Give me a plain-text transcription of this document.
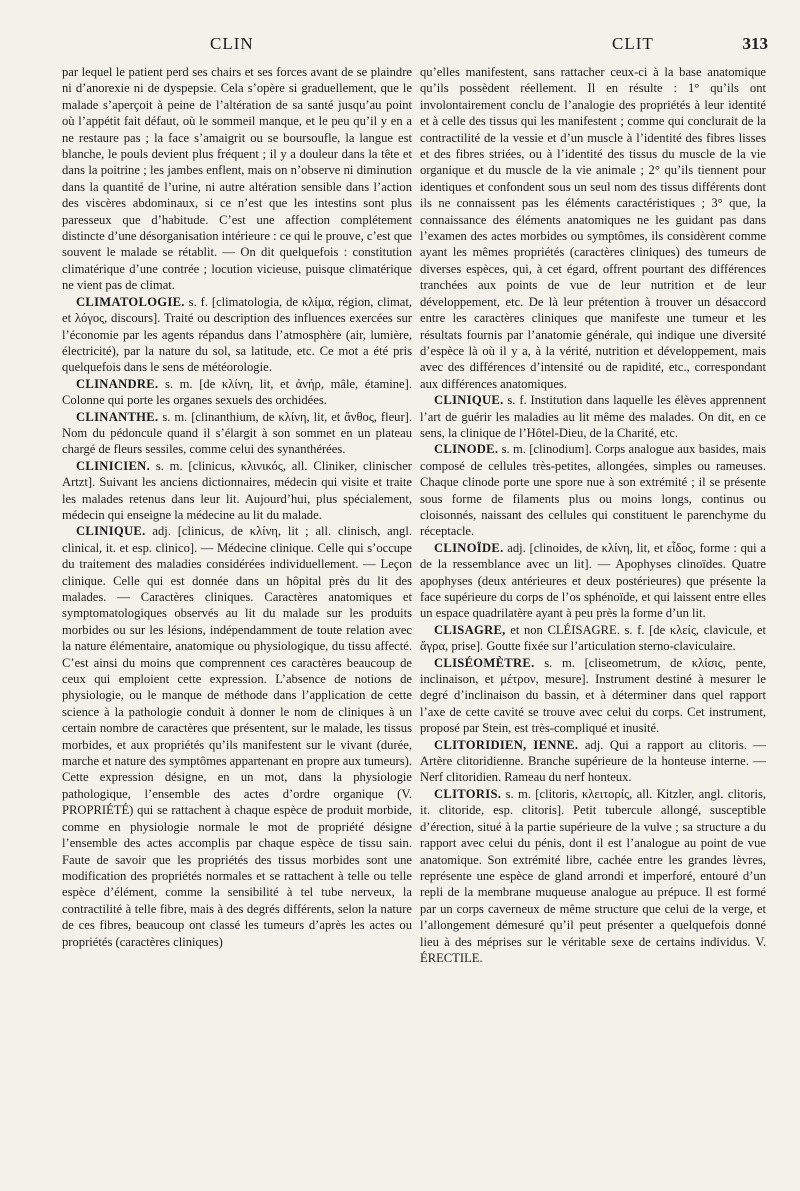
CLIN	CLIT	313

par lequel le patient perd ses chairs et ses forces avant de se plaindre ni d’anorexie ni de dyspepsie. Cela s’opère si graduellement, que le malade s’aperçoit à peine de l’altération de sa santé jusqu’au point où l’appétit fait défaut, où le sommeil manque, et le peu qu’il y en a ne restaure pas ; la face s’amaigrit ou se boursoufle, la langue est blanche, le pouls devient plus fréquent ; il y a douleur dans la tête et dans la poitrine ; les jambes enflent, mais on n’observe ni diminution dans la quantité de l’urine, ni autre altération sensible dans l’action des viscères abdominaux, si ce n’est que les intestins sont plus paresseux que d’habitude. C’est une affection complétement distincte d’une désorganisation intérieure : ce qui le prouve, c’est que souvent le malade se rétablit. — On dit quelquefois : constitution climatérique d’une contrée ; locution vicieuse, puisque climatérique ne vient pas de climat.

CLIMATOLOGIE. s. f. [climatologia, de κλίμα, région, climat, et λόγος, discours]. Traité ou description des influences exercées sur l’économie par les agents répandus dans l’atmosphère (air, lumière, électricité), par la nature du sol, sa latitude, etc. Ce mot a été pris quelquefois dans le sens de météorologie.

CLINANDRE. s. m. [de κλίνη, lit, et ἀνήρ, mâle, étamine]. Colonne qui porte les organes sexuels des orchidées.

CLINANTHE. s. m. [clinanthium, de κλίνη, lit, et ἄνθος, fleur]. Nom du pédoncule quand il s’élargit à son sommet en un plateau chargé de fleurs sessiles, comme celui des synanthérées.

CLINICIEN. s. m. [clinicus, κλινικός, all. Cliniker, clinischer Artzt]. Suivant les anciens dictionnaires, médecin qui visite et traite les malades retenus dans leur lit. Aujourd’hui, plus spécialement, médecin qui enseigne la médecine au lit du malade.

CLINIQUE. adj. [clinicus, de κλίνη, lit ; all. clinisch, angl. clinical, it. et esp. clinico]. — Médecine clinique. Celle qui s’occupe du traitement des maladies considérées individuellement. — Leçon clinique. Celle qui est donnée dans un hôpital près du lit des malades. — Caractères cliniques. Caractères anatomiques et symptomatologiques observés au lit du malade sur les produits morbides ou sur les lésions, indépendamment de toute relation avec la nature élémentaire, anatomique ou physiologique, du tissu affecté. C’est ainsi du moins que comprennent ces caractères beaucoup de ceux qui emploient cette expression. L’absence de notions de physiologie, ou le manque de méthode dans l’application de cette science à la pathologie conduit à donner le nom de cliniques à un certain nombre de caractères que présentent, sur le malade, les tissus morbides, et aux propriétés qu’ils manifestent sur le vivant (durée, marche et nature des symptômes appartenant en propre aux tumeurs). Cette expression désigne, en un mot, dans la physiologie pathologique, l’ensemble des actes d’ordre organique (V. PROPRIÉTÉ) qui se rattachent à chaque espèce de produit morbide, comme en physiologie normale le mot de propriété désigne l’ensemble des actes accomplis par chaque espèce de tissu sain. Faute de savoir que les propriétés des tissus morbides sont une modification des propriétés normales et se rattachent à telle ou telle espèce d’élément, comme la sensibilité à tel tube nerveux, la contractilité à telle fibre, mais à des degrés différents, selon la nature de ces fibres, beaucoup ont classé les tumeurs d’après les actes ou propriétés (caractères cliniques)

qu’elles manifestent, sans rattacher ceux-ci à la base anatomique qu’ils possèdent réellement. Il en résulte : 1° qu’ils ont involontairement conclu de l’analogie des propriétés à leur identité et à celle des tissus qui les manifestent ; comme qui conclurait de la contractilité de la vessie et d’un muscle à l’identité des fibres lisses et des fibres striées, ou à l’identité des tissus du muscle de la vie organique et du muscle de la vie animale ; 2° qu’ils tiennent pour identiques et confondent sous un seul nom des tissus différents dont ils ne connaissent pas les éléments caractéristiques ; 3° que, la connaissance des éléments anatomiques ne les guidant pas dans l’examen des actes morbides ou symptômes, ils considèrent comme ayant les mêmes propriétés (caractères cliniques) des tumeurs de diverses espèces, qui, à cet égard, offrent pourtant des différences tranchées aux points de vue de leur nutrition et de leur développement, etc. De là leur prétention à trouver un désaccord entre les caractères cliniques que manifeste une tumeur et les résultats fournis par l’anatomie générale, qui indique une diversité d’espèce là où il y a, à la vérité, nutrition et développement, mais avec des différences d’intensité ou de rapidité, etc., correspondant aux différences anatomiques.

CLINIQUE. s. f. Institution dans laquelle les élèves apprennent l’art de guérir les maladies au lit même des malades. On dit, en ce sens, la clinique de l’Hôtel-Dieu, de la Charité, etc.

CLINODE. s. m. [clinodium]. Corps analogue aux basides, mais composé de cellules très-petites, allongées, simples ou rameuses. Chaque clinode porte une spore nue à son extrémité ; il se présente sous forme de filaments plus ou moins longs, continus ou cloisonnés, naissant des cellules qui constituent le parenchyme du réceptacle.

CLINOÏDE. adj. [clinoides, de κλίνη, lit, et εἶδος, forme : qui a de la ressemblance avec un lit]. — Apophyses clinoïdes. Quatre apophyses (deux antérieures et deux postérieures) que présente la face supérieure du corps de l’os sphénoïde, et qui laissent entre elles un espace quadrilatère ayant à peu près la forme d’un lit.

CLISAGRE, et non CLÉISAGRE. s. f. [de κλείς, clavicule, et ἄγρα, prise]. Goutte fixée sur l’articulation sterno-claviculaire.

CLISÉOMÈTRE. s. m. [cliseometrum, de κλίσις, pente, inclinaison, et μέτρον, mesure]. Instrument destiné à mesurer le degré d’inclinaison du bassin, et à déterminer dans quel rapport l’axe de cette cavité se trouve avec celui du corps. Cet instrument, proposé par Stein, est très-compliqué et inusité.

CLITORIDIEN, IENNE. adj. Qui a rapport au clitoris. — Artère clitoridienne. Branche supérieure de la honteuse interne. — Nerf clitoridien. Rameau du nerf honteux.

CLITORIS. s. m. [clitoris, κλειτορίς, all. Kitzler, angl. clitoris, it. clitoride, esp. clitoris]. Petit tubercule allongé, susceptible d’érection, situé à la partie supérieure de la vulve ; sa structure a du rapport avec celui du pénis, dont il est l’analogue au point de vue anatomique. Son extrémité libre, cachée entre les grandes lèvres, représente une espèce de gland arrondi et imperforé, entouré d’un repli de la membrane muqueuse analogue au prépuce. Il est formé par un corps caverneux de même structure que celui de la verge, et l’allongement démesuré qu’il peut présenter a quelquefois donné lieu à des méprises sur le véritable sexe de certains individus. V. ÉRECTILE.
